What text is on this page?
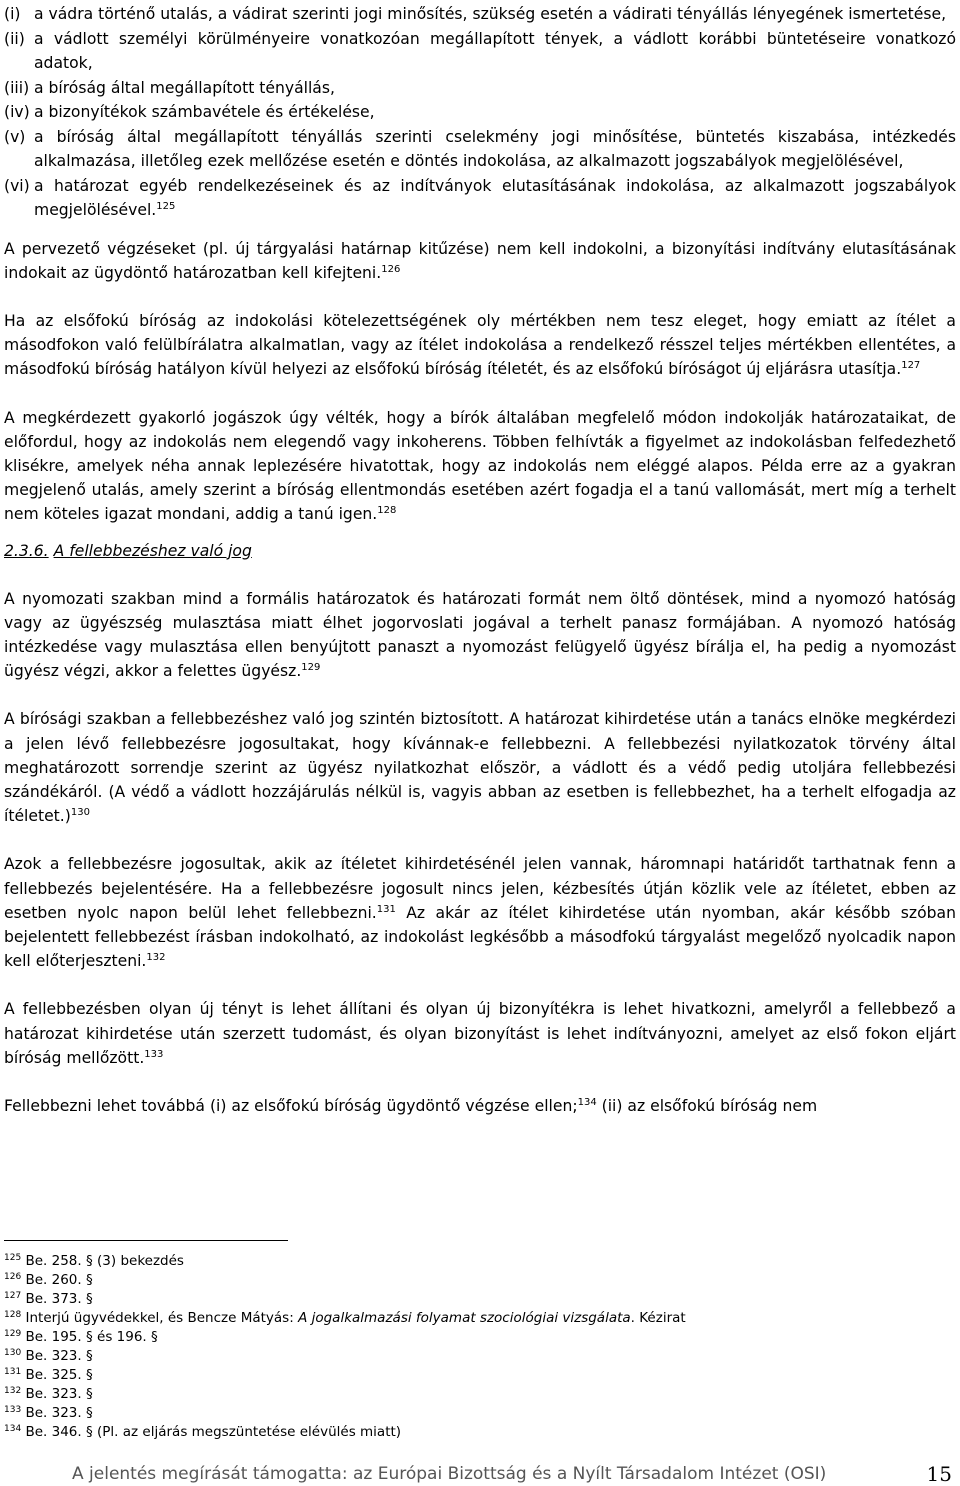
(i) a vádra történő utalás, a vádirat szerinti jogi minősítés, szükség esetén a vádirati tényállás lényegének ismertetése,
(ii) a vádlott személyi körülményeire vonatkozóan megállapított tények, a vádlott korábbi büntetéseire vonatkozó adatok,
(iii) a bíróság által megállapított tényállás,
(iv) a bizonyítékok számbavétele és értékelése,
(v) a bíróság által megállapított tényállás szerinti cselekmény jogi minősítése, büntetés kiszabása, intézkedés alkalmazása, illetőleg ezek mellőzése esetén e döntés indokolása, az alkalmazott jogszabályok megjelölésével,
(vi) a határozat egyéb rendelkezéseinek és az indítványok elutasításának indokolása, az alkalmazott jogszabályok megjelölésével.$^{125}$

A pervezető végzéseket (pl. új tárgyalási határnap kitűzése) nem kell indokolni, a bizonyítási indítvány elutasításának indokait az ügydöntő határozatban kell kifejteni.$^{126}$

Ha az elsőfokú bíróság az indokolási kötelezettségének oly mértékben nem tesz eleget, hogy emiatt az ítélet a másodfokon való felülbírálatra alkalmatlan, vagy az ítélet indokolása a rendelkező résszel teljes mértékben ellentétes, a másodfokú bíróság hatályon kívül helyezi az elsőfokú bíróság ítéletét, és az elsőfokú bíróságot új eljárásra utasítja.$^{127}$

A megkérdezett gyakorló jogászok úgy vélték, hogy a bírók általában megfelelő módon indokolják határozataikat, de előfordul, hogy az indokolás nem elegendő vagy inkoherens. Többen felhívták a figyelmet az indokolásban felfedezhető klisékre, amelyek néha annak leplezésére hivatottak, hogy az indokolás nem eléggé alapos. Példa erre az a gyakran megjelenő utalás, amely szerint a bíróság ellentmondás esetében azért fogadja el a tanú vallomását, mert míg a terhelt nem köteles igazat mondani, addig a tanú igen.$^{128}$

2.3.6. A fellebbezéshez való jog

A nyomozati szakban mind a formális határozatok és határozati formát nem öltő döntések, mind a nyomozó hatóság vagy az ügyészség mulasztása miatt élhet jogorvoslati jogával a terhelt panasz formájában. A nyomozó hatóság intézkedése vagy mulasztása ellen benyújtott panaszt a nyomozást felügyelő ügyész bírálja el, ha pedig a nyomozást ügyész végzi, akkor a felettes ügyész.$^{129}$

A bírósági szakban a fellebbezéshez való jog szintén biztosított. A határozat kihirdetése után a tanács elnöke megkérdezi a jelen lévő fellebbezésre jogosultakat, hogy kívánnak-e fellebbezni. A fellebbezési nyilatkozatok törvény által meghatározott sorrendje szerint az ügyész nyilatkozhat először, a vádlott és a védő pedig utoljára fellebbezési szándékáról. (A védő a vádlott hozzájárulás nélkül is, vagyis abban az esetben is fellebbezhet, ha a terhelt elfogadja az ítéletet.)$^{130}$

Azok a fellebbezésre jogosultak, akik az ítéletet kihirdetésénél jelen vannak, háromnapi határidőt tarthatnak fenn a fellebbezés bejelentésére. Ha a fellebbezésre jogosult nincs jelen, kézbesítés útján közlik vele az ítéletet, ebben az esetben nyolc napon belül lehet fellebbezni.$^{131}$ Az akár az ítélet kihirdetése után nyomban, akár később szóban bejelentett fellebbezést írásban indokolható, az indokolást legkésőbb a másodfokú tárgyalást megelőző nyolcadik napon kell előterjeszteni.$^{132}$

A fellebbezésben olyan új tényt is lehet állítani és olyan új bizonyítékra is lehet hivatkozni, amelyről a fellebbező a határozat kihirdetése után szerzett tudomást, és olyan bizonyítást is lehet indítványozni, amelyet az első fokon eljárt bíróság mellőzött.$^{133}$

Fellebbezni lehet továbbá (i) az elsőfokú bíróság ügydöntő végzése ellen;$^{134}$ (ii) az elsőfokú bíróság nem

$^{125}$ Be. 258. § (3) bekezdés
$^{126}$ Be. 260. §
$^{127}$ Be. 373. §
$^{128}$ Interjú ügyvédekkel, és Bencze Mátyás: A jogalkalmazási folyamat szociológiai vizsgálata. Kézirat
$^{129}$ Be. 195. § és 196. §
$^{130}$ Be. 323. §
$^{131}$ Be. 325. §
$^{132}$ Be. 323. §
$^{133}$ Be. 323. §
$^{134}$ Be. 346. § (Pl. az eljárás megszüntetése elévülés miatt)
A jelentés megírását támogatta: az Európai Bizottság és a Nyílt Társadalom Intézet (OSI)	15
